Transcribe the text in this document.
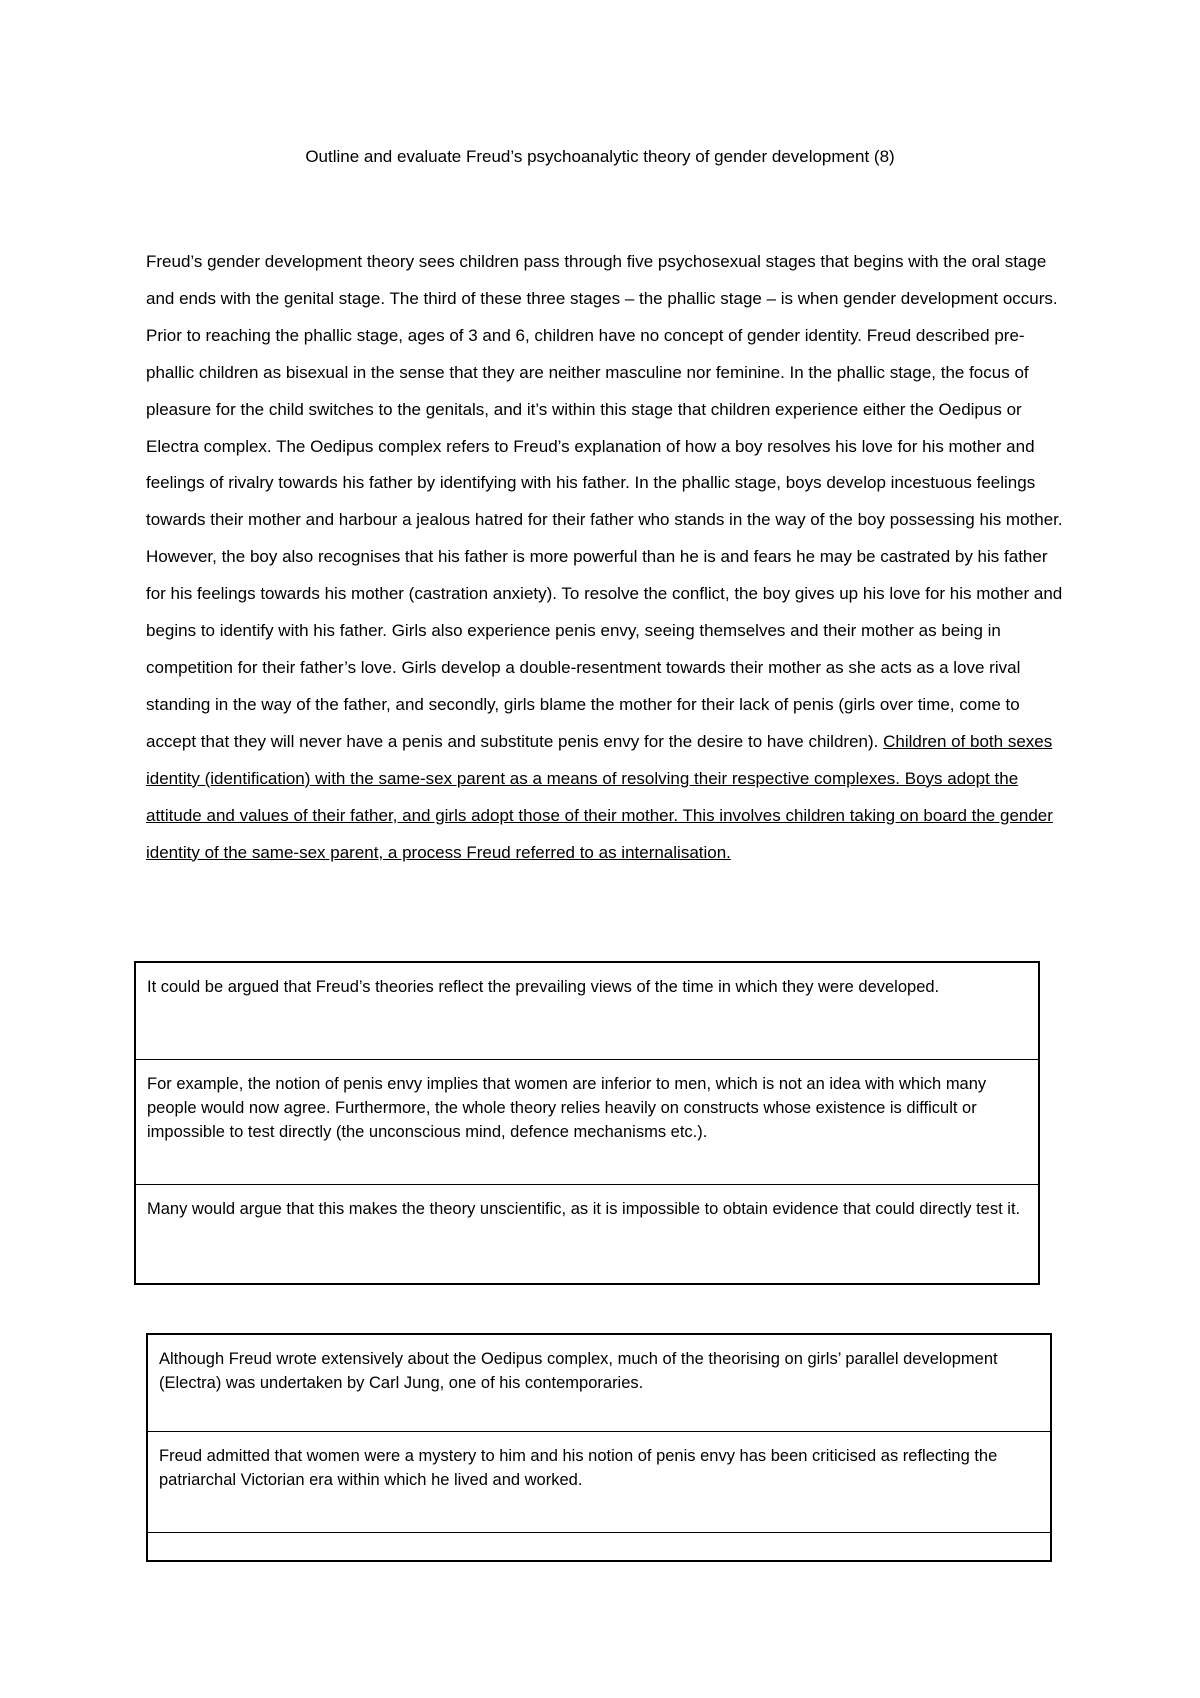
Outline and evaluate Freud’s psychoanalytic theory of gender development (8)
Freud’s gender development theory sees children pass through five psychosexual stages that begins with the oral stage and ends with the genital stage. The third of these three stages – the phallic stage – is when gender development occurs. Prior to reaching the phallic stage, ages of 3 and 6, children have no concept of gender identity. Freud described pre-phallic children as bisexual in the sense that they are neither masculine nor feminine. In the phallic stage, the focus of pleasure for the child switches to the genitals, and it’s within this stage that children experience either the Oedipus or Electra complex. The Oedipus complex refers to Freud’s explanation of how a boy resolves his love for his mother and feelings of rivalry towards his father by identifying with his father. In the phallic stage, boys develop incestuous feelings towards their mother and harbour a jealous hatred for their father who stands in the way of the boy possessing his mother. However, the boy also recognises that his father is more powerful than he is and fears he may be castrated by his father for his feelings towards his mother (castration anxiety). To resolve the conflict, the boy gives up his love for his mother and begins to identify with his father. Girls also experience penis envy, seeing themselves and their mother as being in competition for their father’s love. Girls develop a double-resentment towards their mother as she acts as a love rival standing in the way of the father, and secondly, girls blame the mother for their lack of penis (girls over time, come to accept that they will never have a penis and substitute penis envy for the desire to have children). Children of both sexes identity (identification) with the same-sex parent as a means of resolving their respective complexes. Boys adopt the attitude and values of their father, and girls adopt those of their mother. This involves children taking on board the gender identity of the same-sex parent, a process Freud referred to as internalisation.
It could be argued that Freud’s theories reflect the prevailing views of the time in which they were developed.
For example, the notion of penis envy implies that women are inferior to men, which is not an idea with which many people would now agree. Furthermore, the whole theory relies heavily on constructs whose existence is difficult or impossible to test directly (the unconscious mind, defence mechanisms etc.).
Many would argue that this makes the theory unscientific, as it is impossible to obtain evidence that could directly test it.
Although Freud wrote extensively about the Oedipus complex, much of the theorising on girls’ parallel development (Electra) was undertaken by Carl Jung, one of his contemporaries.
Freud admitted that women were a mystery to him and his notion of penis envy has been criticised as reflecting the patriarchal Victorian era within which he lived and worked.
